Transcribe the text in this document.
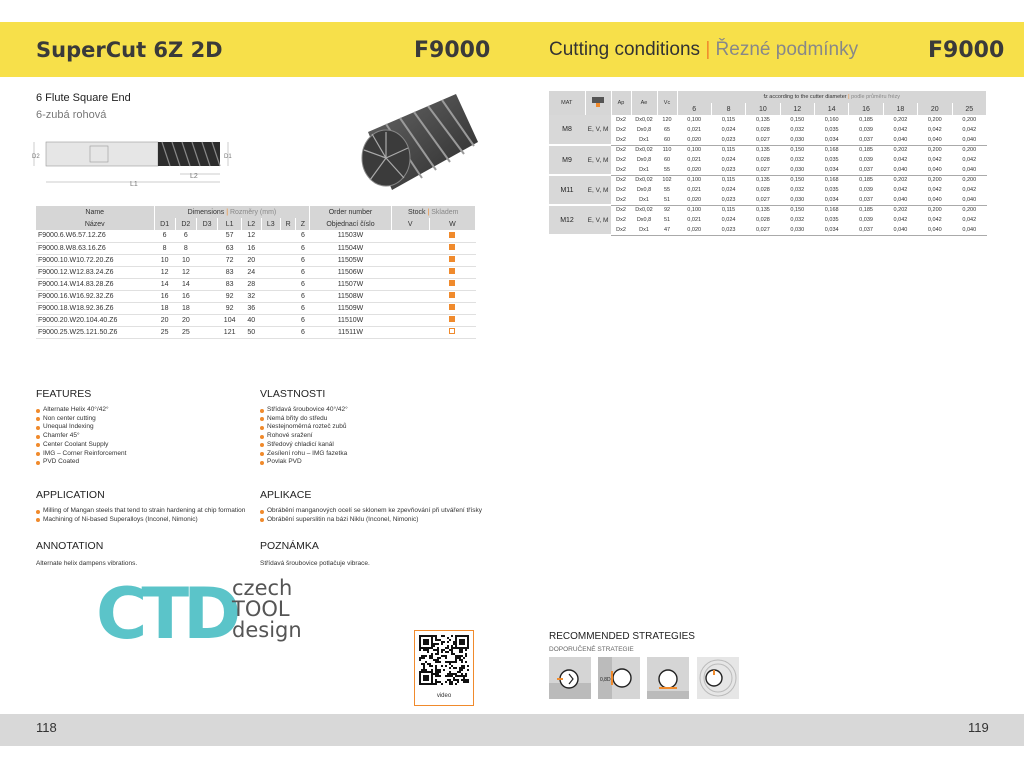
SuperCut 6Z 2D	F9000	Cutting conditions | Řezné podmínky	F9000
6 Flute Square End
6-zubá rohová
L1
L2
D2	D1
Name	Dimensions | Rozměry (mm)								Order number	Stock | Skladem	
Název	D1	D2	D3	L1	L2	L3	R	Z	Objednací číslo	V	W
F9000.6.W6.57.12.Z6	6	6		57	12			6	11503W		
F9000.8.W8.63.16.Z6	8	8		63	16			6	11504W		
F9000.10.W10.72.20.Z6	10	10		72	20			6	11505W		
F9000.12.W12.83.24.Z6	12	12		83	24			6	11506W		
F9000.14.W14.83.28.Z6	14	14		83	28			6	11507W		
F9000.16.W16.92.32.Z6	16	16		92	32			6	11508W		
F9000.18.W18.92.36.Z6	18	18		92	36			6	11509W		
F9000.20.W20.104.40.Z6	20	20		104	40			6	11510W		
F9000.25.W25.121.50.Z6	25	25		121	50			6	11511W		
MAT		Ap	Ae	Vc	fz according to the cutter diameter | podle průměru frézy								
					6	8	10	12	14	16	18	20	25
M8	E, V, M	Dx2	Dx0,02	120	0,100	0,115	0,135	0,150	0,160	0,185	0,202	0,200	0,200
		Dx2	Dx0,8	65	0,021	0,024	0,028	0,032	0,035	0,039	0,042	0,042	0,042
		Dx2	Dx1	60	0,020	0,023	0,027	0,030	0,034	0,037	0,040	0,040	0,040
M9	E, V, M	Dx2	Dx0,02	110	0,100	0,115	0,135	0,150	0,168	0,185	0,202	0,200	0,200
		Dx2	Dx0,8	60	0,021	0,024	0,028	0,032	0,035	0,039	0,042	0,042	0,042
		Dx2	Dx1	55	0,020	0,023	0,027	0,030	0,034	0,037	0,040	0,040	0,040
M11	E, V, M	Dx2	Dx0,02	102	0,100	0,115	0,135	0,150	0,168	0,185	0,202	0,200	0,200
		Dx2	Dx0,8	55	0,021	0,024	0,028	0,032	0,035	0,039	0,042	0,042	0,042
		Dx2	Dx1	51	0,020	0,023	0,027	0,030	0,034	0,037	0,040	0,040	0,040
M12	E, V, M	Dx2	Dx0,02	92	0,100	0,115	0,135	0,150	0,168	0,185	0,202	0,200	0,200
		Dx2	Dx0,8	51	0,021	0,024	0,028	0,032	0,035	0,039	0,042	0,042	0,042
		Dx2	Dx1	47	0,020	0,023	0,027	0,030	0,034	0,037	0,040	0,040	0,040
FEATURES
Alternate Helix 40°/42°
Non center cutting
Unequal Indexing
Chamfer 45°
Center Coolant Supply
IMG – Corner Reinforcement
PVD Coated
VLASTNOSTI
Střídavá šroubovice 40°/42°
Nemá břity do středu
Nestejnoměrná rozteč zubů
Rohové sražení
Středový chladicí kanál
Zesílení rohu – IMG fazetka
Povlak PVD
APPLICATION
Milling of Mangan steels that tend to strain hardening at chip formation
Machining of Ni-based Superalloys (Inconel, Nimonic)
APLIKACE
Obrábění manganových ocelí se sklonem ke zpevňování při utváření třísky
Obrábění superslitin na bázi Niklu (Inconel, Nimonic)
ANNOTATION
Alternate helix dampens vibrations.
POZNÁMKA
Střídavá šroubovice potlačuje vibrace.
CTD
czech
TOOL
design
video
RECOMMENDED STRATEGIES
DOPORUČENÉ STRATEGIE
0,8D
118	119
